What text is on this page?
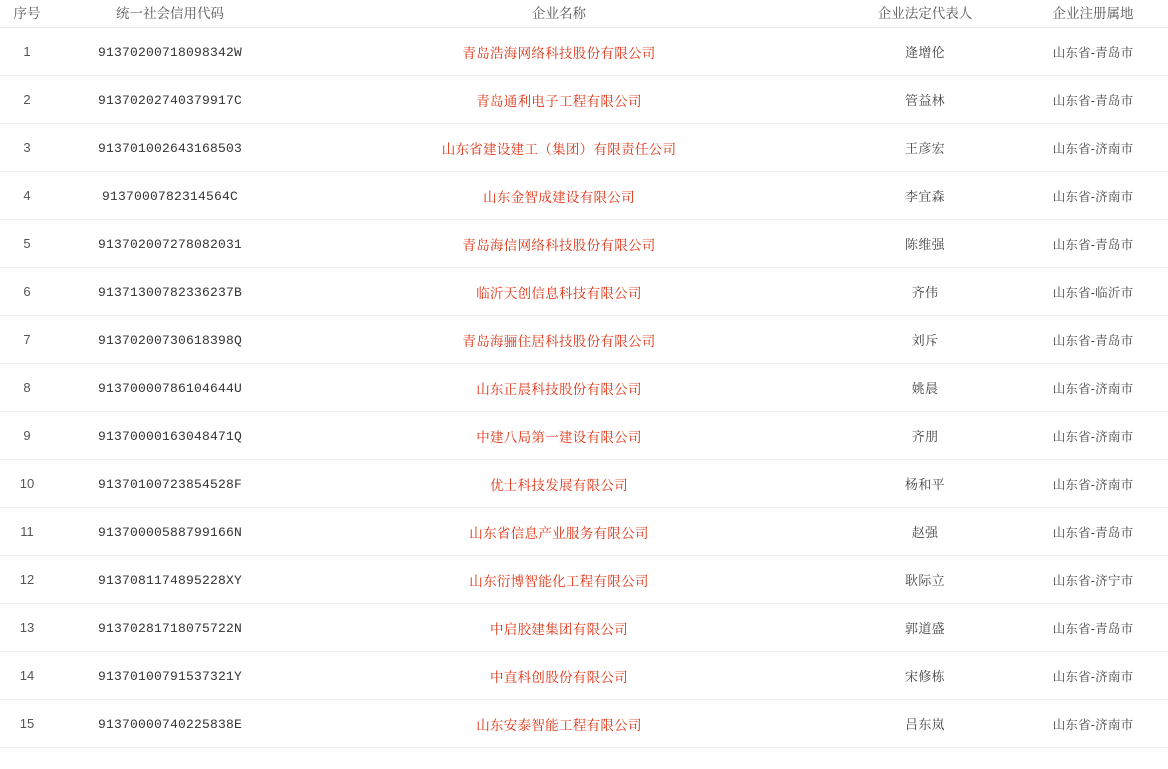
序号	统一社会信用代码	企业名称	企业法定代表人	企业注册属地
1	91370200718098342W	青岛浩海网络科技股份有限公司	逄增伦	山东省-青岛市
2	91370202740379917C	青岛通利电子工程有限公司	管益林	山东省-青岛市
3	913701002643168503	山东省建设建工（集团）有限责任公司	王彦宏	山东省-济南市
4	9137000782314564C	山东金智成建设有限公司	李宜森	山东省-济南市
5	913702007278082031	青岛海信网络科技股份有限公司	陈维强	山东省-青岛市
6	91371300782336237B	临沂天创信息科技有限公司	齐伟	山东省-临沂市
7	91370200730618398Q	青岛海骊住居科技股份有限公司	刘斥	山东省-青岛市
8	91370000786104644U	山东正晨科技股份有限公司	姚晨	山东省-济南市
9	91370000163048471Q	中建八局第一建设有限公司	齐朋	山东省-济南市
10	91370100723854528F	优士科技发展有限公司	杨和平	山东省-济南市
11	91370000588799166N	山东省信息产业服务有限公司	赵强	山东省-青岛市
12	9137081174895228XY	山东衍博智能化工程有限公司	耿际立	山东省-济宁市
13	91370281718075722N	中启胶建集团有限公司	郭道盛	山东省-青岛市
14	91370100791537321Y	中直科创股份有限公司	宋修栋	山东省-济南市
15	91370000740225838E	山东安泰智能工程有限公司	吕东岚	山东省-济南市
